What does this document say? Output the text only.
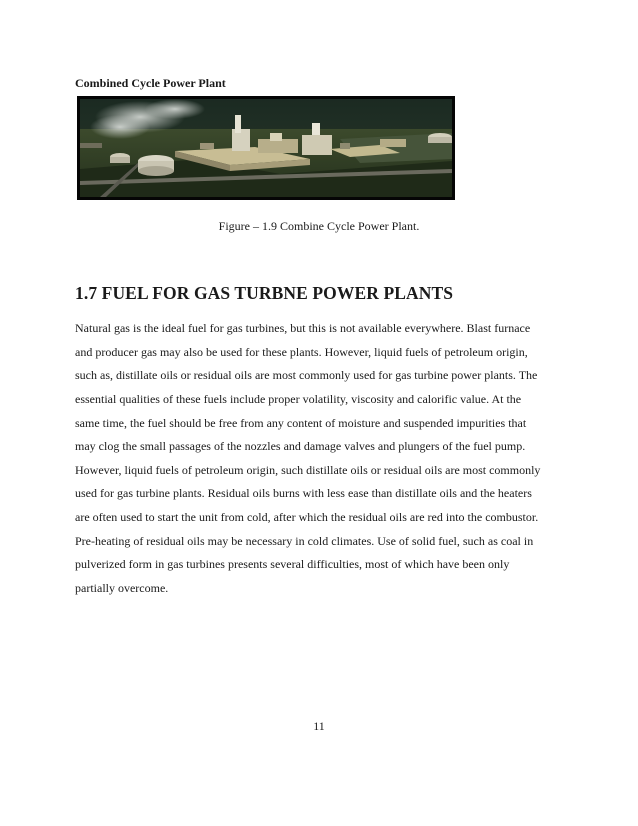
Combined Cycle Power Plant
Figure – 1.9 Combine Cycle Power Plant.
1.7 FUEL FOR GAS TURBNE POWER PLANTS
Natural gas is the ideal fuel for gas turbines, but this is not available everywhere. Blast furnace
and producer gas may also be used for these plants. However, liquid fuels of petroleum origin,
such as, distillate oils or residual oils are most commonly used for gas turbine power plants. The
essential qualities of these fuels include proper volatility, viscosity and calorific value. At the
same time, the fuel should be free from any content of moisture and suspended impurities that
may clog the small passages of the nozzles and damage valves and plungers of the fuel pump.
However, liquid fuels of petroleum origin, such distillate oils or residual oils are most commonly
used for gas turbine plants. Residual oils burns with less ease than distillate oils and the heaters
are often used to start the unit from cold, after which the residual oils are red into the combustor.
Pre-heating of residual oils may be necessary in cold climates. Use of solid fuel, such as coal in
pulverized form in gas turbines presents several difficulties, most of which have been only
partially overcome.
11
